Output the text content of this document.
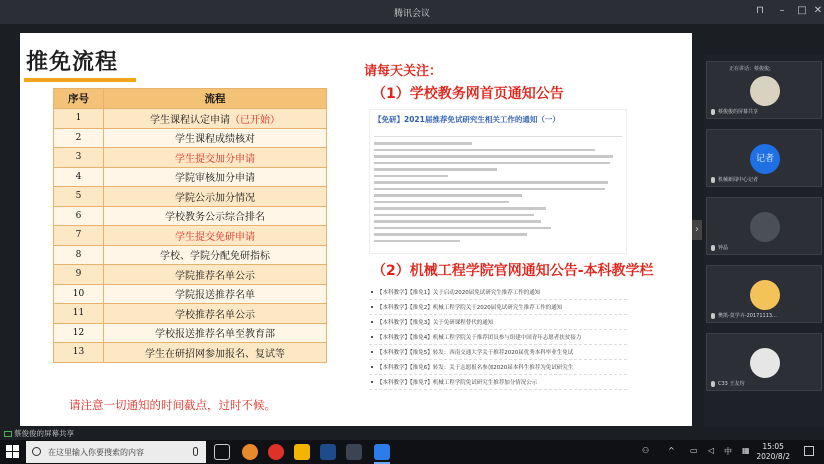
腾讯会议	⊓	–	□ ✕
推免流程
序号	流程
1	学生课程认定申请（已开始）
2	学生课程成绩核对
3	学生提交加分申请
4	学院审核加分申请
5	学院公示加分情况
6	学校教务公示综合排名
7	学生提交免研申请
8	学校、学院分配免研指标
9	学院推荐名单公示
10	学院报送推荐名单
11	学校推荐名单公示
12	学校报送推荐名单至教育部
13	学生在研招网参加报名、复试等
请注意一切通知的时间截点，过时不候。
请每天关注：
（1）学校教务网首页通知公告
【免研】2021届推荐免试研究生相关工作的通知（一）
（2）机械工程学院官网通知公告-本科教学栏
【本科教学】【推免1】关于启动2020届免试研究生推荐工作的通知
【本科教学】【推免2】机械工程学院关于2020届免试研究生推荐工作的通知
【本科教学】【推免3】关于免研课程替代的通知
【本科教学】【推免4】机械工程学院关于推荐团员参与组建中国青年志愿者扶贫接力
【本科教学】【推免5】转发：西南交通大学关于推荐2020届优秀本科毕业生免试
【本科教学】【推免6】转发：关于志愿报名参加2020届本科生推荐为免试研究生
【本科教学】【推免7】机械工程学院免试研究生推荐加分情况公示
›
正在讲话：蔡俊俊;
蔡俊俊的屏幕共享
记者
机械新闻中心记者
钟晶
樊凯-莫学卉-20171113...
C33 王友均
蔡俊俊的屏幕共享
在这里输入你要搜索的内容	⚇ ^ ▭ ◁ 中 ▦	15:05
2020/8/2
